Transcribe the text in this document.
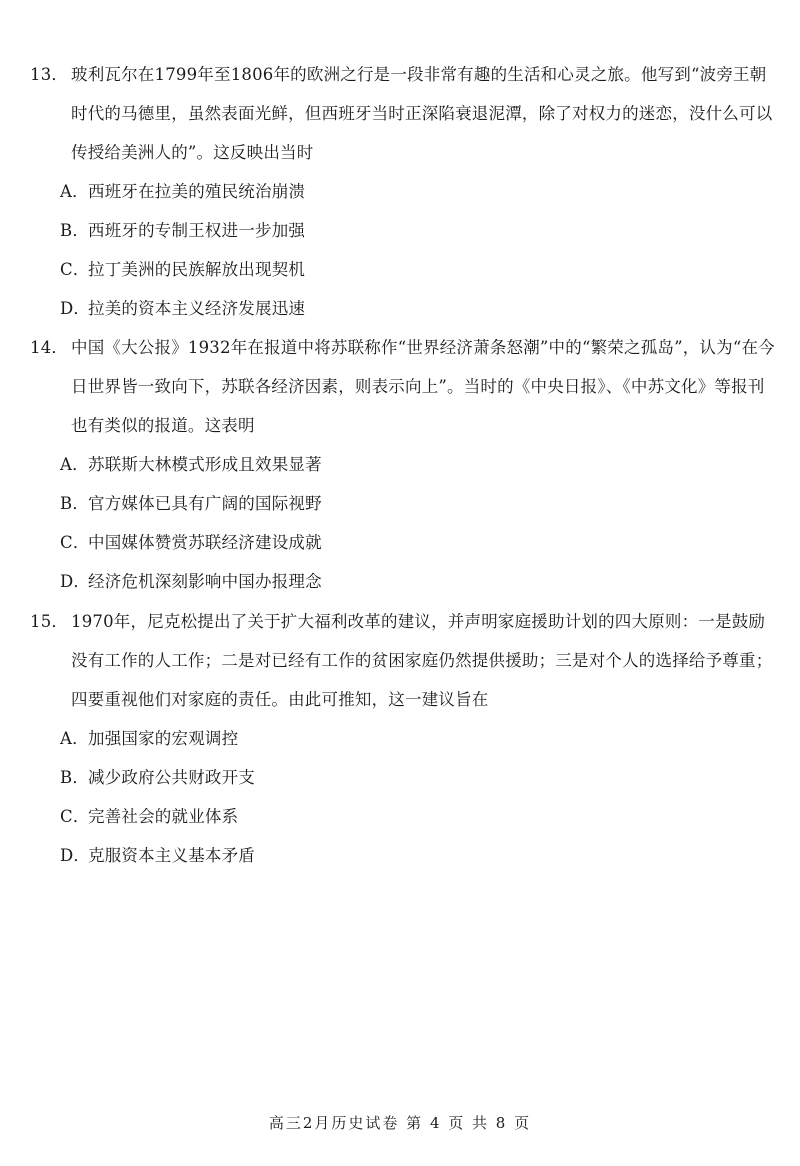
13． 玻利瓦尔在1799年至1806年的欧洲之行是一段非常有趣的生活和心灵之旅。他写到“波旁王朝时代的马德里，虽然表面光鲜，但西班牙当时正深陷衰退泥潭，除了对权力的迷恋，没什么可以传授给美洲人的”。这反映出当时

A．西班牙在拉美的殖民统治崩溃
B．西班牙的专制王权进一步加强
C．拉丁美洲的民族解放出现契机
D．拉美的资本主义经济发展迅速

14． 中国《大公报》1932年在报道中将苏联称作“世界经济萧条怒潮”中的“繁荣之孤岛”，认为“在今日世界皆一致向下，苏联各经济因素，则表示向上”。当时的《中央日报》、《中苏文化》等报刊也有类似的报道。这表明

A．苏联斯大林模式形成且效果显著
B．官方媒体已具有广阔的国际视野
C．中国媒体赞赏苏联经济建设成就
D．经济危机深刻影响中国办报理念

15． 1970年，尼克松提出了关于扩大福利改革的建议，并声明家庭援助计划的四大原则：一是鼓励没有工作的人工作；二是对已经有工作的贫困家庭仍然提供援助；三是对个人的选择给予尊重；四要重视他们对家庭的责任。由此可推知，这一建议旨在

A．加强国家的宏观调控
B．减少政府公共财政开支
C．完善社会的就业体系
D．克服资本主义基本矛盾
高三2月历史试卷 第 4 页 共 8 页
